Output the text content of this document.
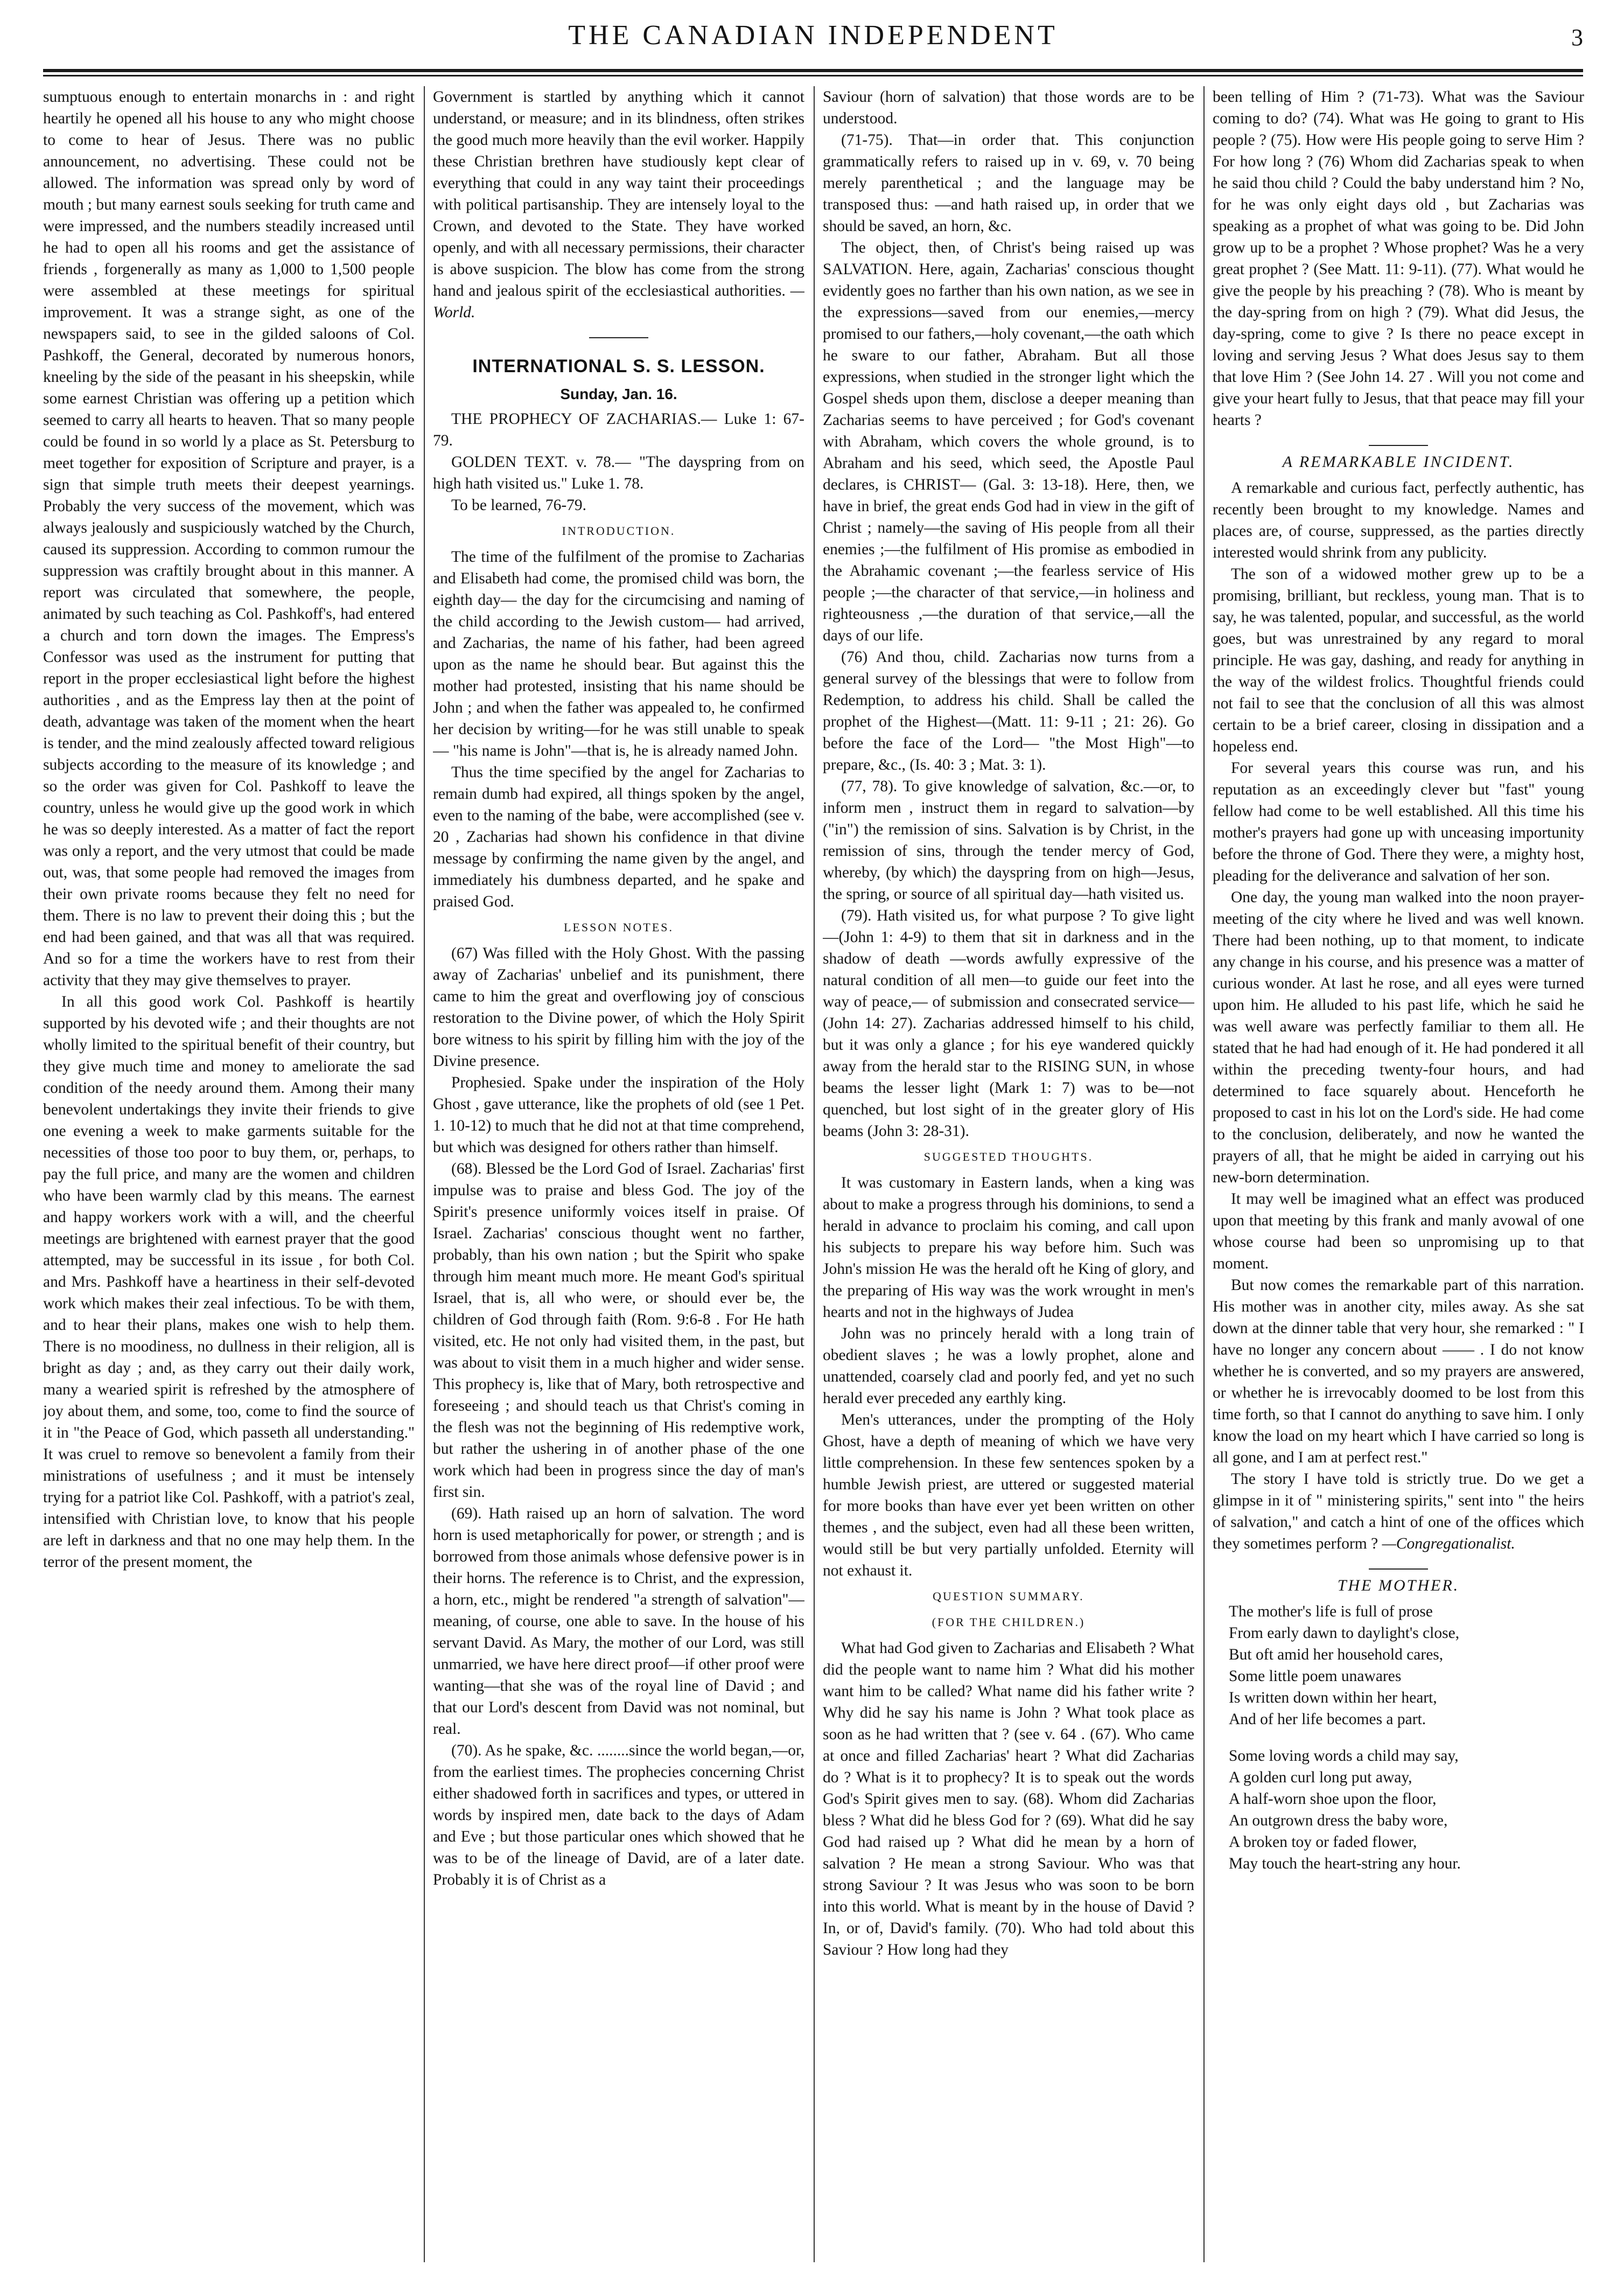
THE CANADIAN INDEPENDENT	3

sumptuous enough to entertain monarchs in : and right heartily he opened all his house to any who might choose to come to hear of Jesus. There was no public announcement, no advertising. These could not be allowed. The information was spread only by word of mouth ; but many earnest souls seeking for truth came and were impressed, and the numbers steadily increased until he had to open all his rooms and get the assistance of friends , forgenerally as many as 1,000 to 1,500 people were assembled at these meetings for spiritual improvement. It was a strange sight, as one of the newspapers said, to see in the gilded saloons of Col. Pashkoff, the General, decorated by numerous honors, kneeling by the side of the peasant in his sheepskin, while some earnest Christian was offering up a petition which seemed to carry all hearts to heaven. That so many people could be found in so world ly a place as St. Petersburg to meet together for exposition of Scripture and prayer, is a sign that simple truth meets their deepest yearnings. Probably the very success of the movement, which was always jealously and suspiciously watched by the Church, caused its suppression. According to common rumour the suppression was craftily brought about in this manner. A report was circulated that somewhere, the people, animated by such teaching as Col. Pashkoff's, had entered a church and torn down the images. The Empress's Confessor was used as the instrument for putting that report in the proper ecclesiastical light before the highest authorities , and as the Empress lay then at the point of death, advantage was taken of the moment when the heart is tender, and the mind zealously affected toward religious subjects according to the measure of its knowledge ; and so the order was given for Col. Pashkoff to leave the country, unless he would give up the good work in which he was so deeply interested. As a matter of fact the report was only a report, and the very utmost that could be made out, was, that some people had removed the images from their own private rooms because they felt no need for them. There is no law to prevent their doing this ; but the end had been gained, and that was all that was required. And so for a time the workers have to rest from their activity that they may give themselves to prayer.

In all this good work Col. Pashkoff is heartily supported by his devoted wife ; and their thoughts are not wholly limited to the spiritual benefit of their country, but they give much time and money to ameliorate the sad condition of the needy around them. Among their many benevolent undertakings they invite their friends to give one evening a week to make garments suitable for the necessities of those too poor to buy them, or, perhaps, to pay the full price, and many are the women and children who have been warmly clad by this means. The earnest and happy workers work with a will, and the cheerful meetings are brightened with earnest prayer that the good attempted, may be successful in its issue , for both Col. and Mrs. Pashkoff have a heartiness in their self-devoted work which makes their zeal infectious. To be with them, and to hear their plans, makes one wish to help them. There is no moodiness, no dullness in their religion, all is bright as day ; and, as they carry out their daily work, many a wearied spirit is refreshed by the atmosphere of joy about them, and some, too, come to find the source of it in "the Peace of God, which passeth all understanding." It was cruel to remove so benevolent a family from their ministrations of usefulness ; and it must be intensely trying for a patriot like Col. Pashkoff, with a patriot's zeal, intensified with Christian love, to know that his people are left in darkness and that no one may help them. In the terror of the present moment, the

Government is startled by anything which it cannot understand, or measure; and in its blindness, often strikes the good much more heavily than the evil worker. Happily these Christian brethren have studiously kept clear of everything that could in any way taint their proceedings with political partisanship. They are intensely loyal to the Crown, and devoted to the State. They have worked openly, and with all necessary permissions, their character is above suspicion. The blow has come from the strong hand and jealous spirit of the ecclesiastical authorities. — World.

INTERNATIONAL S. S. LESSON.
Sunday, Jan. 16.

THE PROPHECY OF ZACHARIAS.— Luke 1: 67-79.

GOLDEN TEXT. v. 78.— "The dayspring from on high hath visited us." Luke 1. 78.

To be learned, 76-79.

INTRODUCTION.

The time of the fulfilment of the promise to Zacharias and Elisabeth had come, the promised child was born, the eighth day— the day for the circumcising and naming of the child according to the Jewish custom— had arrived, and Zacharias, the name of his father, had been agreed upon as the name he should bear. But against this the mother had protested, insisting that his name should be John ; and when the father was appealed to, he confirmed her decision by writing—for he was still unable to speak — "his name is John"—that is, he is already named John.

Thus the time specified by the angel for Zacharias to remain dumb had expired, all things spoken by the angel, even to the naming of the babe, were accomplished (see v. 20 , Zacharias had shown his confidence in that divine message by confirming the name given by the angel, and immediately his dumbness departed, and he spake and praised God.

LESSON NOTES.

(67) Was filled with the Holy Ghost. With the passing away of Zacharias' unbelief and its punishment, there came to him the great and overflowing joy of conscious restoration to the Divine power, of which the Holy Spirit bore witness to his spirit by filling him with the joy of the Divine presence.

Prophesied. Spake under the inspiration of the Holy Ghost , gave utterance, like the prophets of old (see 1 Pet. 1. 10-12) to much that he did not at that time comprehend, but which was designed for others rather than himself.

(68). Blessed be the Lord God of Israel. Zacharias' first impulse was to praise and bless God. The joy of the Spirit's presence uniformly voices itself in praise. Of Israel. Zacharias' conscious thought went no farther, probably, than his own nation ; but the Spirit who spake through him meant much more. He meant God's spiritual Israel, that is, all who were, or should ever be, the children of God through faith (Rom. 9:6-8 . For He hath visited, etc. He not only had visited them, in the past, but was about to visit them in a much higher and wider sense. This prophecy is, like that of Mary, both retrospective and foreseeing ; and should teach us that Christ's coming in the flesh was not the beginning of His redemptive work, but rather the ushering in of another phase of the one work which had been in progress since the day of man's first sin.

(69). Hath raised up an horn of salvation. The word horn is used metaphorically for power, or strength ; and is borrowed from those animals whose defensive power is in their horns. The reference is to Christ, and the expression, a horn, etc., might be rendered "a strength of salvation"—meaning, of course, one able to save. In the house of his servant David. As Mary, the mother of our Lord, was still unmarried, we have here direct proof—if other proof were wanting—that she was of the royal line of David ; and that our Lord's descent from David was not nominal, but real.

(70). As he spake, &c. ........since the world began,—or, from the earliest times. The prophecies concerning Christ either shadowed forth in sacrifices and types, or uttered in words by inspired men, date back to the days of Adam and Eve ; but those particular ones which showed that he was to be of the lineage of David, are of a later date. Probably it is of Christ as a

Saviour (horn of salvation) that those words are to be understood.

(71-75). That—in order that. This conjunction grammatically refers to raised up in v. 69, v. 70 being merely parenthetical ; and the language may be transposed thus: —and hath raised up, in order that we should be saved, an horn, &c.

The object, then, of Christ's being raised up was SALVATION. Here, again, Zacharias' conscious thought evidently goes no farther than his own nation, as we see in the expressions—saved from our enemies,—mercy promised to our fathers,—holy covenant,—the oath which he sware to our father, Abraham. But all those expressions, when studied in the stronger light which the Gospel sheds upon them, disclose a deeper meaning than Zacharias seems to have perceived ; for God's covenant with Abraham, which covers the whole ground, is to Abraham and his seed, which seed, the Apostle Paul declares, is CHRIST— (Gal. 3: 13-18). Here, then, we have in brief, the great ends God had in view in the gift of Christ ; namely—the saving of His people from all their enemies ;—the fulfilment of His promise as embodied in the Abrahamic covenant ;—the fearless service of His people ;—the character of that service,—in holiness and righteousness ,—the duration of that service,—all the days of our life.

(76) And thou, child. Zacharias now turns from a general survey of the blessings that were to follow from Redemption, to address his child. Shall be called the prophet of the Highest—(Matt. 11: 9-11 ; 21: 26). Go before the face of the Lord— "the Most High"—to prepare, &c., (Is. 40: 3 ; Mat. 3: 1).

(77, 78). To give knowledge of salvation, &c.—or, to inform men , instruct them in regard to salvation—by ("in") the remission of sins. Salvation is by Christ, in the remission of sins, through the tender mercy of God, whereby, (by which) the dayspring from on high—Jesus, the spring, or source of all spiritual day—hath visited us.

(79). Hath visited us, for what purpose ? To give light—(John 1: 4-9) to them that sit in darkness and in the shadow of death —words awfully expressive of the natural condition of all men—to guide our feet into the way of peace,— of submission and consecrated service—(John 14: 27). Zacharias addressed himself to his child, but it was only a glance ; for his eye wandered quickly away from the herald star to the RISING SUN, in whose beams the lesser light (Mark 1: 7) was to be—not quenched, but lost sight of in the greater glory of His beams (John 3: 28-31).

SUGGESTED THOUGHTS.

It was customary in Eastern lands, when a king was about to make a progress through his dominions, to send a herald in advance to proclaim his coming, and call upon his subjects to prepare his way before him. Such was John's mission He was the herald oft he King of glory, and the preparing of His way was the work wrought in men's hearts and not in the highways of Judea

John was no princely herald with a long train of obedient slaves ; he was a lowly prophet, alone and unattended, coarsely clad and poorly fed, and yet no such herald ever preceded any earthly king.

Men's utterances, under the prompting of the Holy Ghost, have a depth of meaning of which we have very little comprehension. In these few sentences spoken by a humble Jewish priest, are uttered or suggested material for more books than have ever yet been written on other themes , and the subject, even had all these been written, would still be but very partially unfolded. Eternity will not exhaust it.

QUESTION SUMMARY.
(FOR THE CHILDREN.)

What had God given to Zacharias and Elisabeth ? What did the people want to name him ? What did his mother want him to be called? What name did his father write ? Why did he say his name is John ? What took place as soon as he had written that ? (see v. 64 . (67). Who came at once and filled Zacharias' heart ? What did Zacharias do ? What is it to prophecy? It is to speak out the words God's Spirit gives men to say. (68). Whom did Zacharias bless ? What did he bless God for ? (69). What did he say God had raised up ? What did he mean by a horn of salvation ? He mean a strong Saviour. Who was that strong Saviour ? It was Jesus who was soon to be born into this world. What is meant by in the house of David ? In, or of, David's family. (70). Who had told about this Saviour ? How long had they

been telling of Him ? (71-73). What was the Saviour coming to do? (74). What was He going to grant to His people ? (75). How were His people going to serve Him ? For how long ? (76) Whom did Zacharias speak to when he said thou child ? Could the baby understand him ? No, for he was only eight days old , but Zacharias was speaking as a prophet of what was going to be. Did John grow up to be a prophet ? Whose prophet? Was he a very great prophet ? (See Matt. 11: 9-11). (77). What would he give the people by his preaching ? (78). Who is meant by the day-spring from on high ? (79). What did Jesus, the day-spring, come to give ? Is there no peace except in loving and serving Jesus ? What does Jesus say to them that love Him ? (See John 14. 27 . Will you not come and give your heart fully to Jesus, that that peace may fill your hearts ?

A REMARKABLE INCIDENT.

A remarkable and curious fact, perfectly authentic, has recently been brought to my knowledge. Names and places are, of course, suppressed, as the parties directly interested would shrink from any publicity.

The son of a widowed mother grew up to be a promising, brilliant, but reckless, young man. That is to say, he was talented, popular, and successful, as the world goes, but was unrestrained by any regard to moral principle. He was gay, dashing, and ready for anything in the way of the wildest frolics. Thoughtful friends could not fail to see that the conclusion of all this was almost certain to be a brief career, closing in dissipation and a hopeless end.

For several years this course was run, and his reputation as an exceedingly clever but "fast" young fellow had come to be well established. All this time his mother's prayers had gone up with unceasing importunity before the throne of God. There they were, a mighty host, pleading for the deliverance and salvation of her son.

One day, the young man walked into the noon prayer-meeting of the city where he lived and was well known. There had been nothing, up to that moment, to indicate any change in his course, and his presence was a matter of curious wonder. At last he rose, and all eyes were turned upon him. He alluded to his past life, which he said he was well aware was perfectly familiar to them all. He stated that he had had enough of it. He had pondered it all within the preceding twenty-four hours, and had determined to face squarely about. Henceforth he proposed to cast in his lot on the Lord's side. He had come to the conclusion, deliberately, and now he wanted the prayers of all, that he might be aided in carrying out his new-born determination.

It may well be imagined what an effect was produced upon that meeting by this frank and manly avowal of one whose course had been so unpromising up to that moment.

But now comes the remarkable part of this narration. His mother was in another city, miles away. As she sat down at the dinner table that very hour, she remarked : " I have no longer any concern about —— . I do not know whether he is converted, and so my prayers are answered, or whether he is irrevocably doomed to be lost from this time forth, so that I cannot do anything to save him. I only know the load on my heart which I have carried so long is all gone, and I am at perfect rest."

The story I have told is strictly true. Do we get a glimpse in it of " ministering spirits," sent into " the heirs of salvation," and catch a hint of one of the offices which they sometimes perform ? —Congregationalist.

THE MOTHER.

The mother's life is full of prose

From early dawn to daylight's close,

But oft amid her household cares,

Some little poem unawares

Is written down within her heart,

And of her life becomes a part.

Some loving words a child may say,

A golden curl long put away,

A half-worn shoe upon the floor,

An outgrown dress the baby wore,

A broken toy or faded flower,

May touch the heart-string any hour.
